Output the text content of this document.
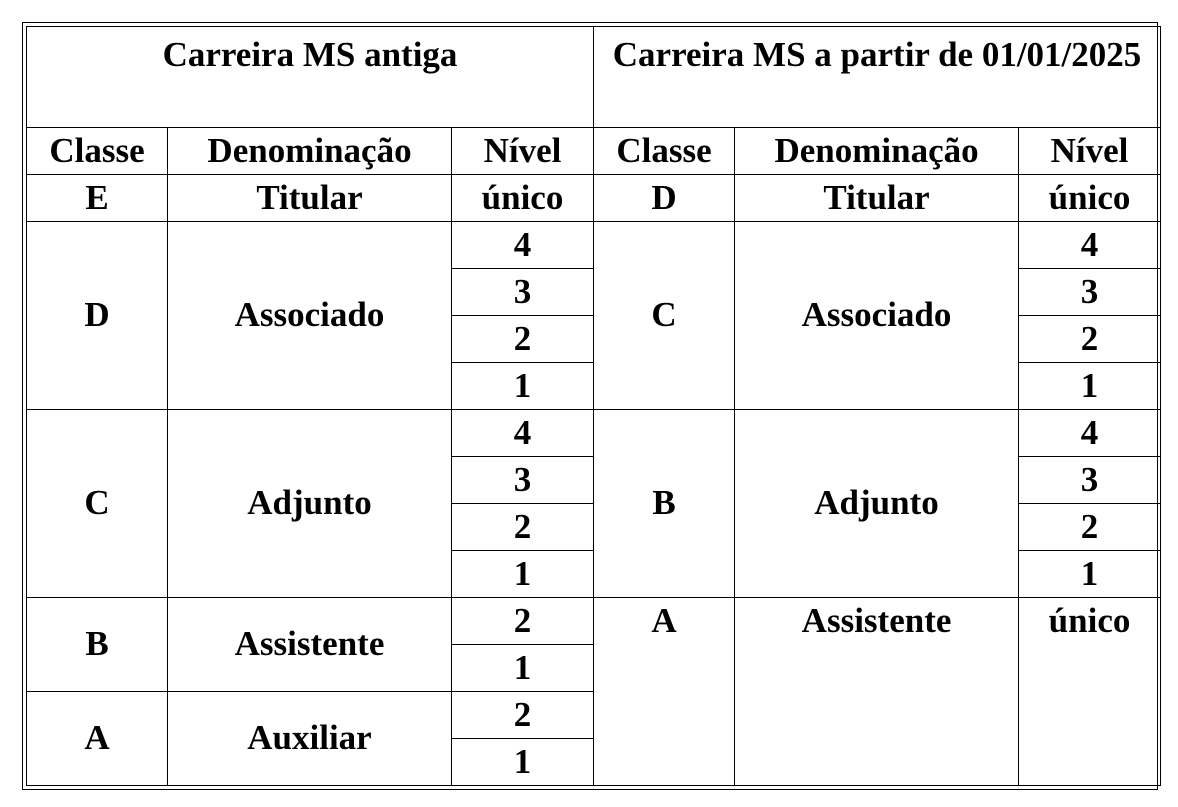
Carreira MS antiga			Carreira MS a partir de 01/01/2025		
Classe	Denominação	Nível	Classe	Denominação	Nível
E	Titular	único	D	Titular	único
D	Associado	4	C	Associado	4
		3			3
		2			2
		1			1
C	Adjunto	4	B	Adjunto	4
		3			3
		2			2
		1			1
B	Assistente	2	A	Assistente	único
		1			
A	Auxiliar	2			
		1			
